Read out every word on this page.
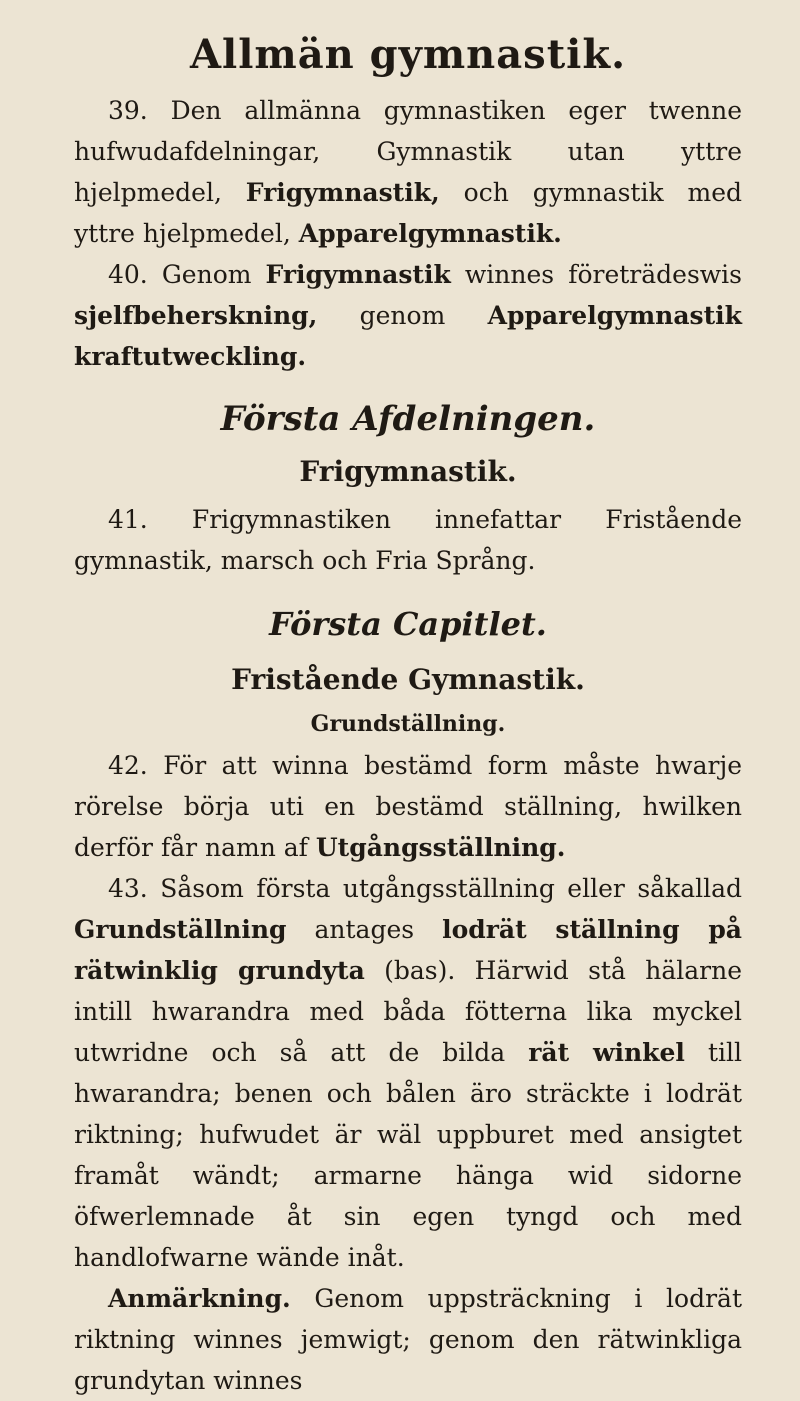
Allmän gymnastik.

39. Den allmänna gymnastiken eger twenne hufwudafdelningar, Gymnastik utan yttre hjelpmedel, Frigymnastik, och gymnastik med yttre hjelpmedel, Apparelgymnastik.

40. Genom Frigymnastik winnes företrädeswis sjelfbeherskning, genom Apparelgymnastik kraftutweckling.

Första Afdelningen.
Frigymnastik.

41. Frigymnastiken innefattar Fristående gymnastik, marsch och Fria Språng.

Första Capitlet.
Fristående Gymnastik.
Grundställning.

42. För att winna bestämd form måste hwarje rörelse börja uti en bestämd ställning, hwilken derför får namn af Utgångsställning.

43. Såsom första utgångsställning eller såkallad Grundställning antages lodrät ställning på rätwinklig grundyta (bas). Härwid stå hälarne intill hwarandra med båda fötterna lika myckel utwridne och så att de bilda rät winkel till hwarandra; benen och bålen äro sträckte i lodrät riktning; hufwudet är wäl uppburet med ansigtet framåt wändt; armarne hänga wid sidorne öfwerlemnade åt sin egen tyngd och med handlofwarne wände inåt.

Anmärkning. Genom uppsträckning i lodrät riktning winnes jemwigt; genom den rätwinkliga grundytan winnes
